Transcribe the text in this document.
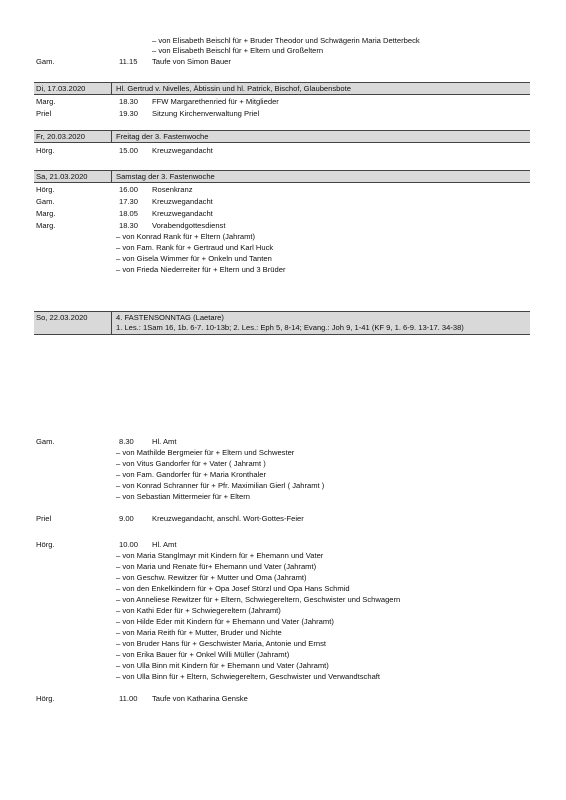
– von Elisabeth Beischl für + Bruder Theodor und Schwägerin Maria Detterbeck
– von Elisabeth Beischl für + Eltern und Großeltern
Gam.	11.15 Taufe von Simon Bauer
Di, 17.03.2020	Hl. Gertrud v. Nivelles, Äbtissin und hl. Patrick, Bischof, Glaubensbote
Marg.	18.30 FFW Margarethenried für + Mitglieder
Priel	19.30 Sitzung Kirchenverwaltung Priel
Fr, 20.03.2020	Freitag der 3. Fastenwoche
Hörg.	15.00 Kreuzwegandacht
Sa, 21.03.2020	Samstag der 3. Fastenwoche
Hörg.	16.00 Rosenkranz
Gam.	17.30 Kreuzwegandacht
Marg.	18.05 Kreuzwegandacht
Marg.	18.30 Vorabendgottesdienst
– von Konrad Rank für + Eltern (Jahramt)
– von Fam. Rank für + Gertraud und Karl Huck
– von Gisela Wimmer für + Onkeln und Tanten
– von Frieda Niederreiter für + Eltern und 3 Brüder
So, 22.03.2020	4. FASTENSONNTAG (Laetare)
1. Les.: 1Sam 16, 1b. 6-7. 10-13b; 2. Les.: Eph 5, 8-14; Evang.: Joh 9, 1-41 (KF 9, 1. 6-9. 13-17. 34-38)
Gam.	8.30	Hl. Amt
– von Mathilde Bergmeier für + Eltern und Schwester
– von Vitus Gandorfer für + Vater ( Jahramt )
– von Fam. Gandorfer für + Maria Kronthaler
– von Konrad Schranner für + Pfr. Maximilian Gierl ( Jahramt )
– von Sebastian Mittermeier für + Eltern
Priel	9.00	Kreuzwegandacht, anschl. Wort-Gottes-Feier
Hörg.	10.00 Hl. Amt
– von Maria Stanglmayr mit Kindern für + Ehemann und Vater
– von Maria und Renate für+ Ehemann und Vater (Jahramt)
– von Geschw. Rewitzer für + Mutter und Oma (Jahramt)
– von den Enkelkindern für + Opa Josef Stürzl und Opa Hans Schmid
– von Anneliese Rewitzer für + Eltern, Schwiegereltern, Geschwister und Schwagern
– von Kathi Eder für + Schwiegereltern (Jahramt)
– von Hilde Eder mit Kindern für + Ehemann und Vater (Jahramt)
– von Maria Reith für + Mutter, Bruder und Nichte
– von Bruder Hans für + Geschwister Maria, Antonie und Ernst
– von Erika Bauer für + Onkel Willi Müller (Jahramt)
– von Ulla Binn mit Kindern für + Ehemann und Vater (Jahramt)
– von Ulla Binn für + Eltern, Schwiegereltern, Geschwister und Verwandtschaft
Hörg.	11.00 Taufe von Katharina Genske
